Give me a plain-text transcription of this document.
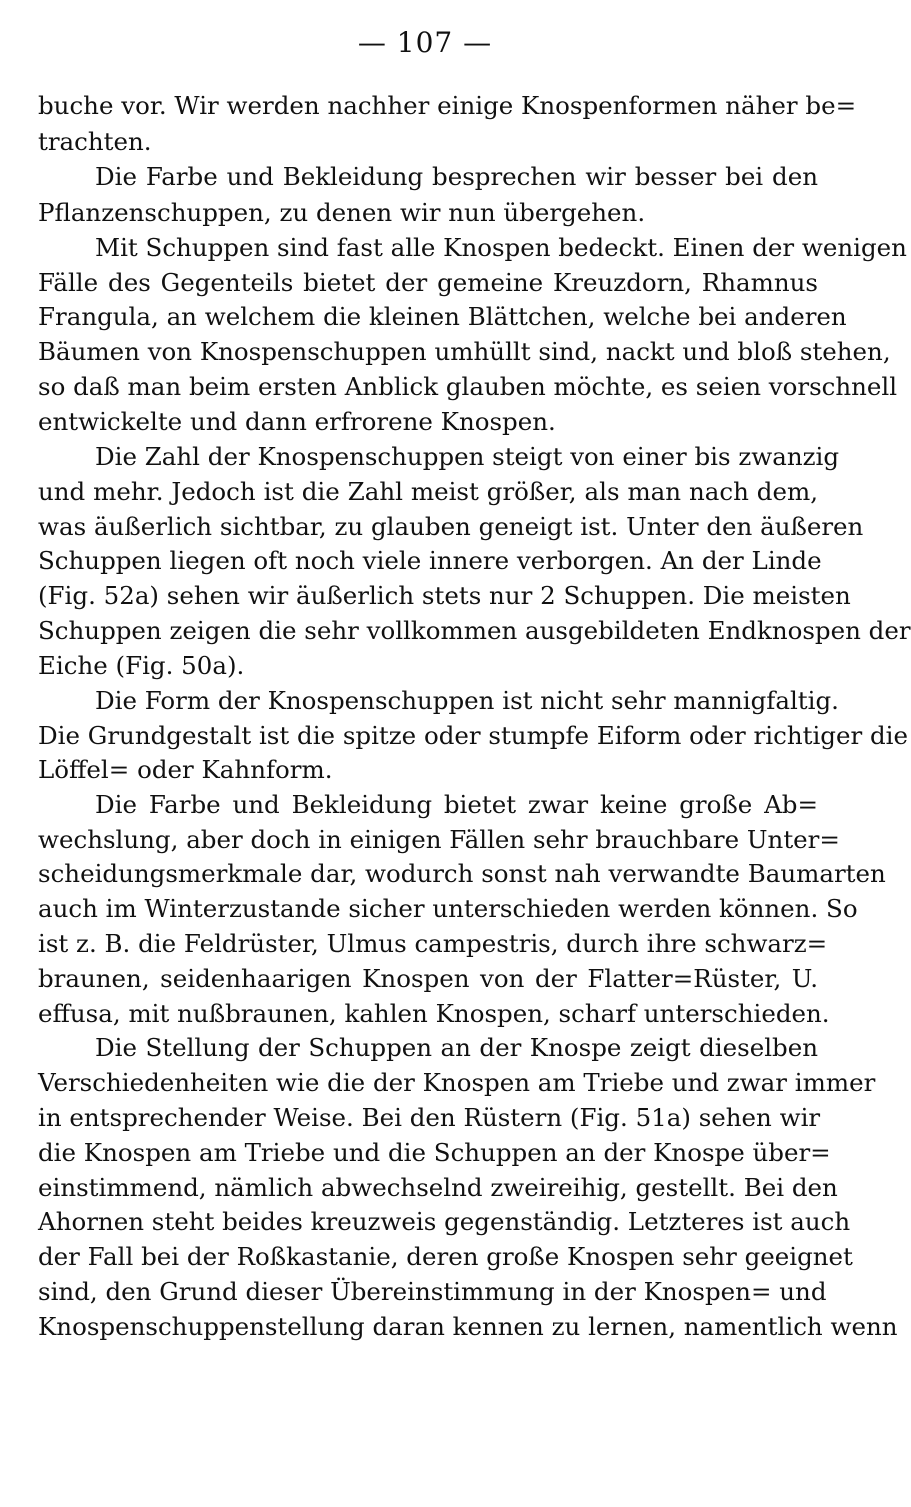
— 107 —
buche vor. Wir werden nachher einige Knospenformen näher be=
trachten.
Die Farbe und Bekleidung besprechen wir besser bei den
Pflanzenschuppen, zu denen wir nun übergehen.
Mit Schuppen sind fast alle Knospen bedeckt. Einen der wenigen
Fälle des Gegenteils bietet der gemeine Kreuzdorn, Rhamnus
Frangula, an welchem die kleinen Blättchen, welche bei anderen
Bäumen von Knospenschuppen umhüllt sind, nackt und bloß stehen,
so daß man beim ersten Anblick glauben möchte, es seien vorschnell
entwickelte und dann erfrorene Knospen.
Die Zahl der Knospenschuppen steigt von einer bis zwanzig
und mehr. Jedoch ist die Zahl meist größer, als man nach dem,
was äußerlich sichtbar, zu glauben geneigt ist. Unter den äußeren
Schuppen liegen oft noch viele innere verborgen. An der Linde
(Fig. 52a) sehen wir äußerlich stets nur 2 Schuppen. Die meisten
Schuppen zeigen die sehr vollkommen ausgebildeten Endknospen der
Eiche (Fig. 50a).
Die Form der Knospenschuppen ist nicht sehr mannigfaltig.
Die Grundgestalt ist die spitze oder stumpfe Eiform oder richtiger die
Löffel= oder Kahnform.
Die Farbe und Bekleidung bietet zwar keine große Ab=
wechslung, aber doch in einigen Fällen sehr brauchbare Unter=
scheidungsmerkmale dar, wodurch sonst nah verwandte Baumarten
auch im Winterzustande sicher unterschieden werden können. So
ist z. B. die Feldrüster, Ulmus campestris, durch ihre schwarz=
braunen, seidenhaarigen Knospen von der Flatter=Rüster, U.
effusa, mit nußbraunen, kahlen Knospen, scharf unterschieden.
Die Stellung der Schuppen an der Knospe zeigt dieselben
Verschiedenheiten wie die der Knospen am Triebe und zwar immer
in entsprechender Weise. Bei den Rüstern (Fig. 51a) sehen wir
die Knospen am Triebe und die Schuppen an der Knospe über=
einstimmend, nämlich abwechselnd zweireihig, gestellt. Bei den
Ahornen steht beides kreuzweis gegenständig. Letzteres ist auch
der Fall bei der Roßkastanie, deren große Knospen sehr geeignet
sind, den Grund dieser Übereinstimmung in der Knospen= und
Knospenschuppenstellung daran kennen zu lernen, namentlich wenn
